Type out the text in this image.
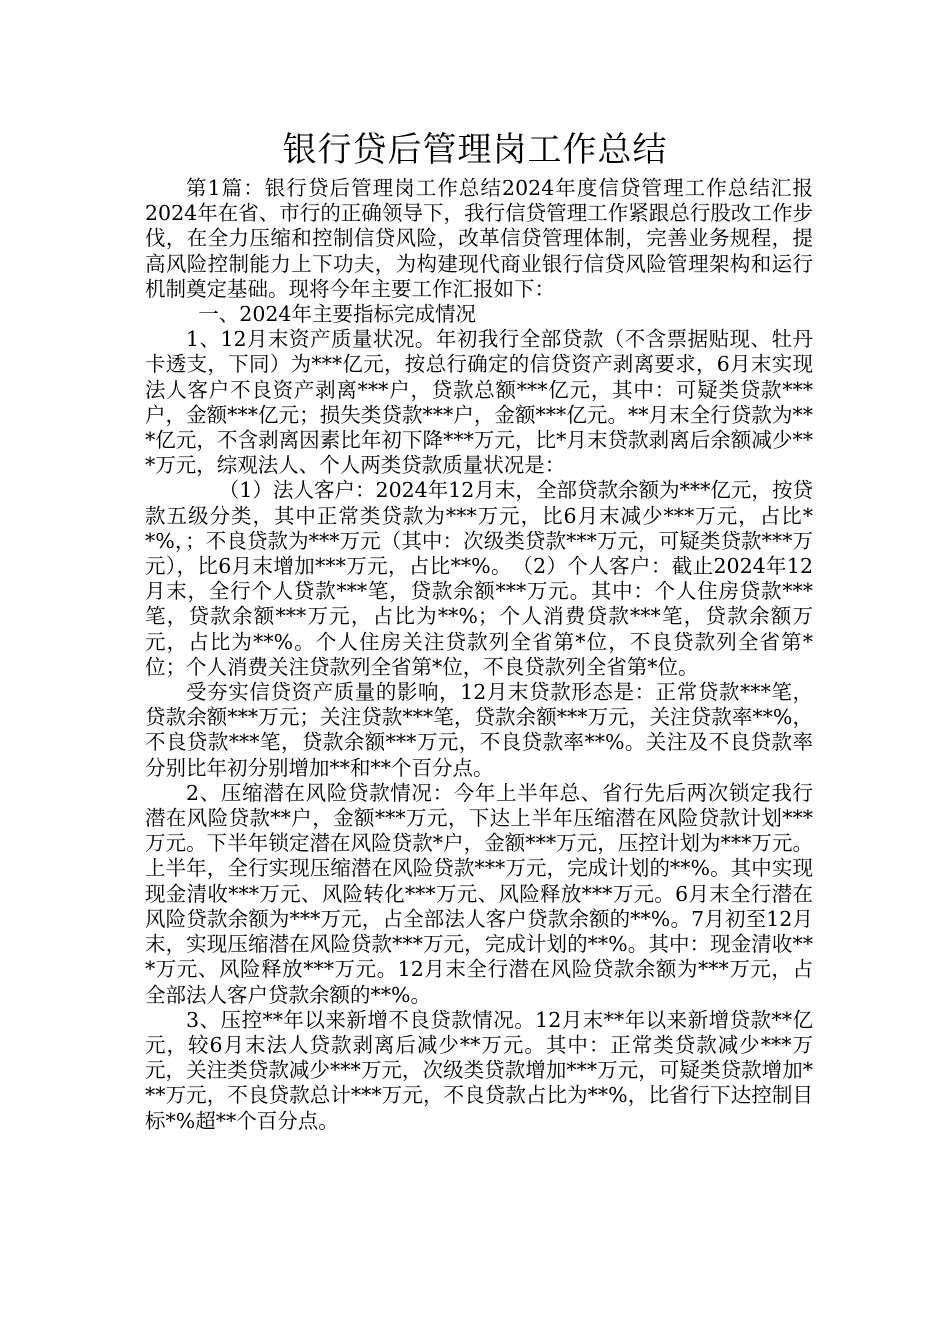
银行贷后管理岗工作总结

第1篇：银行贷后管理岗工作总结2024年度信贷管理工作总结汇报　2024年在省、市行的正确领导下，我行信贷管理工作紧跟总行股改工作步伐，在全力压缩和控制信贷风险，改革信贷管理体制，完善业务规程，提高风险控制能力上下功夫，为构建现代商业银行信贷风险管理架构和运行机制奠定基础。现将今年主要工作汇报如下：

一、2024年主要指标完成情况

1、12月末资产质量状况。年初我行全部贷款（不含票据贴现、牡丹卡透支，下同）为***亿元，按总行确定的信贷资产剥离要求，6月末实现法人客户不良资产剥离***户，贷款总额***亿元，其中：可疑类贷款***户，金额***亿元；损失类贷款***户，金额***亿元。**月末全行贷款为***亿元，不含剥离因素比年初下降***万元，比*月末贷款剥离后余额减少***万元，综观法人、个人两类贷款质量状况是：

（1）法人客户：2024年12月末，全部贷款余额为***亿元，按贷款五级分类，其中正常类贷款为***万元，比6月末减少***万元，占比**%，；不良贷款为***万元（其中：次级类贷款***万元，可疑类贷款***万元），比6月末增加***万元，占比**%。　（2）个人客户：截止2024年12月末，全行个人贷款***笔，贷款余额***万元。其中：个人住房贷款***笔，贷款余额***万元，占比为**%；个人消费贷款***笔，贷款余额万元，占比为**%。个人住房关注贷款列全省第*位，不良贷款列全省第*位；个人消费关注贷款列全省第*位，不良贷款列全省第*位。

受夯实信贷资产质量的影响，12月末贷款形态是：正常贷款***笔，贷款余额***万元；关注贷款***笔，贷款余额***万元，关注贷款率**%，不良贷款***笔，贷款余额***万元，不良贷款率**%。关注及不良贷款率分别比年初分别增加**和**个百分点。

2、压缩潜在风险贷款情况：今年上半年总、省行先后两次锁定我行潜在风险贷款**户，金额***万元，下达上半年压缩潜在风险贷款计划***万元。下半年锁定潜在风险贷款*户，金额***万元，压控计划为***万元。上半年，全行实现压缩潜在风险贷款***万元，完成计划的**%。其中实现现金清收***万元、风险转化***万元、风险释放***万元。6月末全行潜在风险贷款余额为***万元，占全部法人客户贷款余额的**%。7月初至12月末，实现压缩潜在风险贷款***万元，完成计划的**%。其中：现金清收***万元、风险释放***万元。12月末全行潜在风险贷款余额为***万元，占全部法人客户贷款余额的**%。

3、压控**年以来新增不良贷款情况。12月末**年以来新增贷款**亿元，较6月末法人贷款剥离后减少**万元。其中：正常类贷款减少***万元，关注类贷款减少***万元，次级类贷款增加***万元，可疑类贷款增加***万元，不良贷款总计***万元，不良贷款占比为**%，比省行下达控制目标*%超**个百分点。
